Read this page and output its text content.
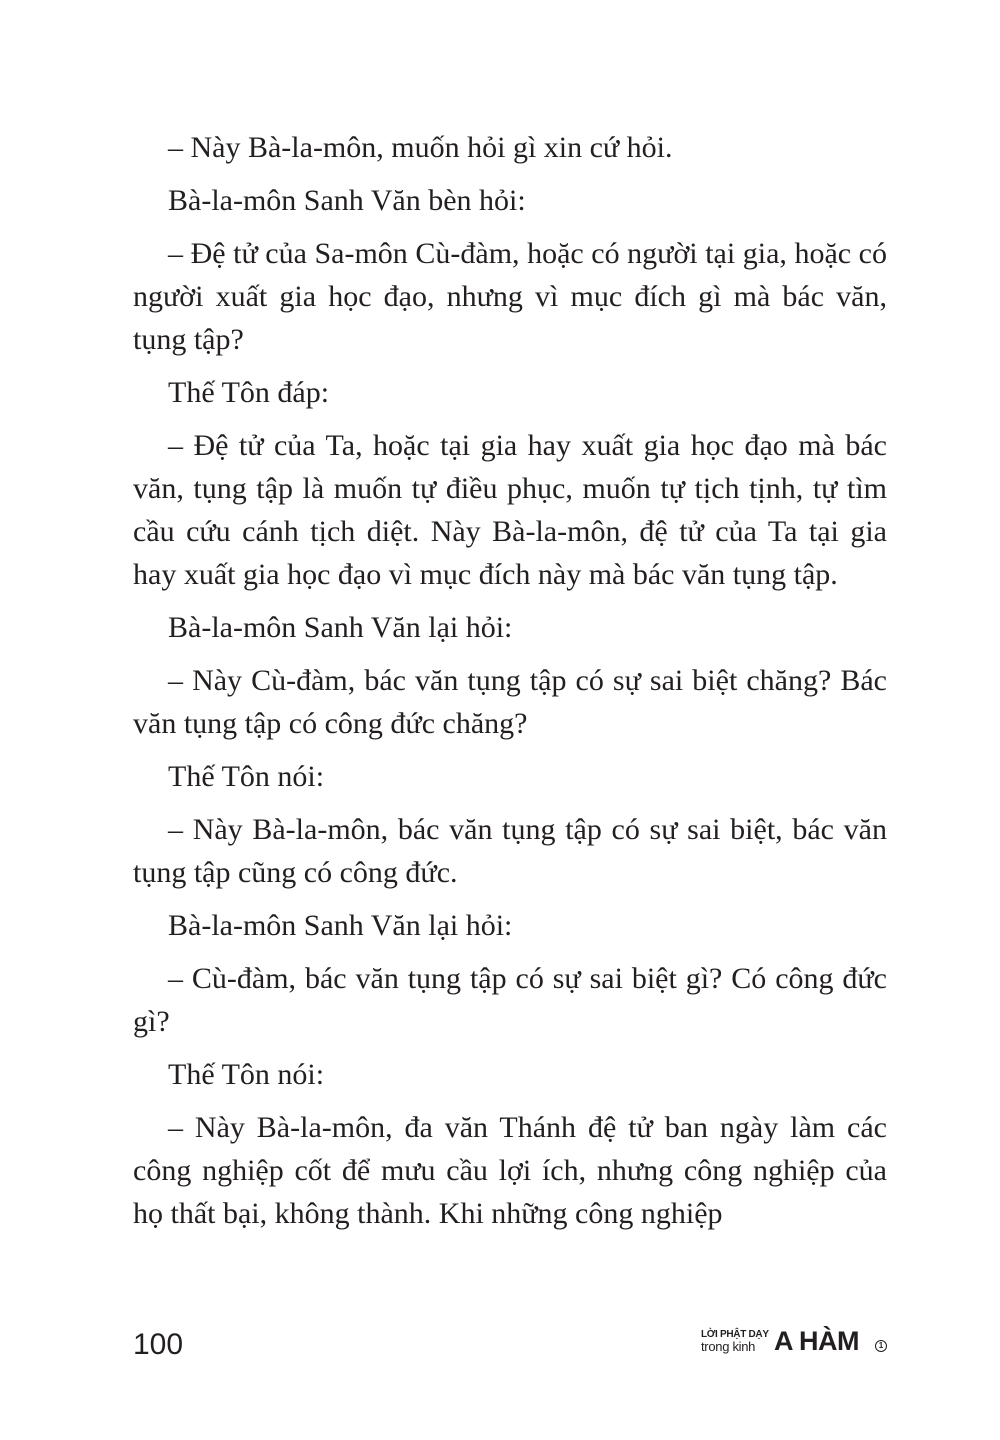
– Này Bà-la-môn, muốn hỏi gì xin cứ hỏi.

Bà-la-môn Sanh Văn bèn hỏi:

– Đệ tử của Sa-môn Cù-đàm, hoặc có người tại gia, hoặc có người xuất gia học đạo, nhưng vì mục đích gì mà bác văn, tụng tập?

Thế Tôn đáp:

– Đệ tử của Ta, hoặc tại gia hay xuất gia học đạo mà bác văn, tụng tập là muốn tự điều phục, muốn tự tịch tịnh, tự tìm cầu cứu cánh tịch diệt. Này Bà-la-môn, đệ tử của Ta tại gia hay xuất gia học đạo vì mục đích này mà bác văn tụng tập.

Bà-la-môn Sanh Văn lại hỏi:

– Này Cù-đàm, bác văn tụng tập có sự sai biệt chăng? Bác văn tụng tập có công đức chăng?

Thế Tôn nói:

– Này Bà-la-môn, bác văn tụng tập có sự sai biệt, bác văn tụng tập cũng có công đức.

Bà-la-môn Sanh Văn lại hỏi:

– Cù-đàm, bác văn tụng tập có sự sai biệt gì? Có công đức gì?

Thế Tôn nói:

– Này Bà-la-môn, đa văn Thánh đệ tử ban ngày làm các công nghiệp cốt để mưu cầu lợi ích, nhưng công nghiệp của họ thất bại, không thành. Khi những công nghiệp

100	LỜI PHẬT DẠY
trong kinh A HÀM	1
